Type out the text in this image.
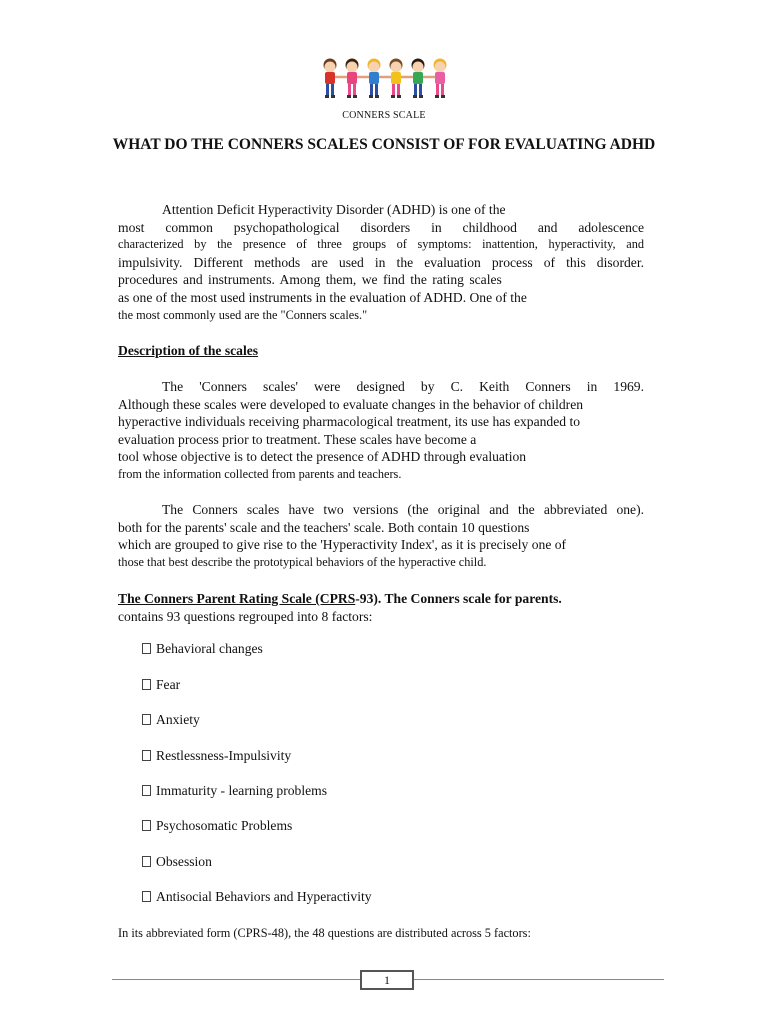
CONNERS SCALE
WHAT DO THE CONNERS SCALES CONSIST OF FOR EVALUATING ADHD
Attention Deficit Hyperactivity Disorder (ADHD) is one of the
most common psychopathological disorders in childhood and adolescence
characterized by the presence of three groups of symptoms: inattention, hyperactivity, and
impulsivity. Different methods are used in the evaluation process of this disorder.
procedures and instruments. Among them, we find the rating scales
as one of the most used instruments in the evaluation of ADHD. One of the
the most commonly used are the "Conners scales."
Description of the scales
The 'Conners scales' were designed by C. Keith Conners in 1969.
Although these scales were developed to evaluate changes in the behavior of children
hyperactive individuals receiving pharmacological treatment, its use has expanded to
evaluation process prior to treatment. These scales have become a
tool whose objective is to detect the presence of ADHD through evaluation
from the information collected from parents and teachers.
The Conners scales have two versions (the original and the abbreviated one).
both for the parents' scale and the teachers' scale. Both contain 10 questions
which are grouped to give rise to the 'Hyperactivity Index', as it is precisely one of
those that best describe the prototypical behaviors of the hyperactive child.
The Conners Parent Rating Scale (CPRS-93). The Conners scale for parents.
contains 93 questions regrouped into 8 factors:
Behavioral changes
Fear
Anxiety
Restlessness-Impulsivity
Immaturity - learning problems
Psychosomatic Problems
Obsession
Antisocial Behaviors and Hyperactivity
In its abbreviated form (CPRS-48), the 48 questions are distributed across 5 factors:
1
